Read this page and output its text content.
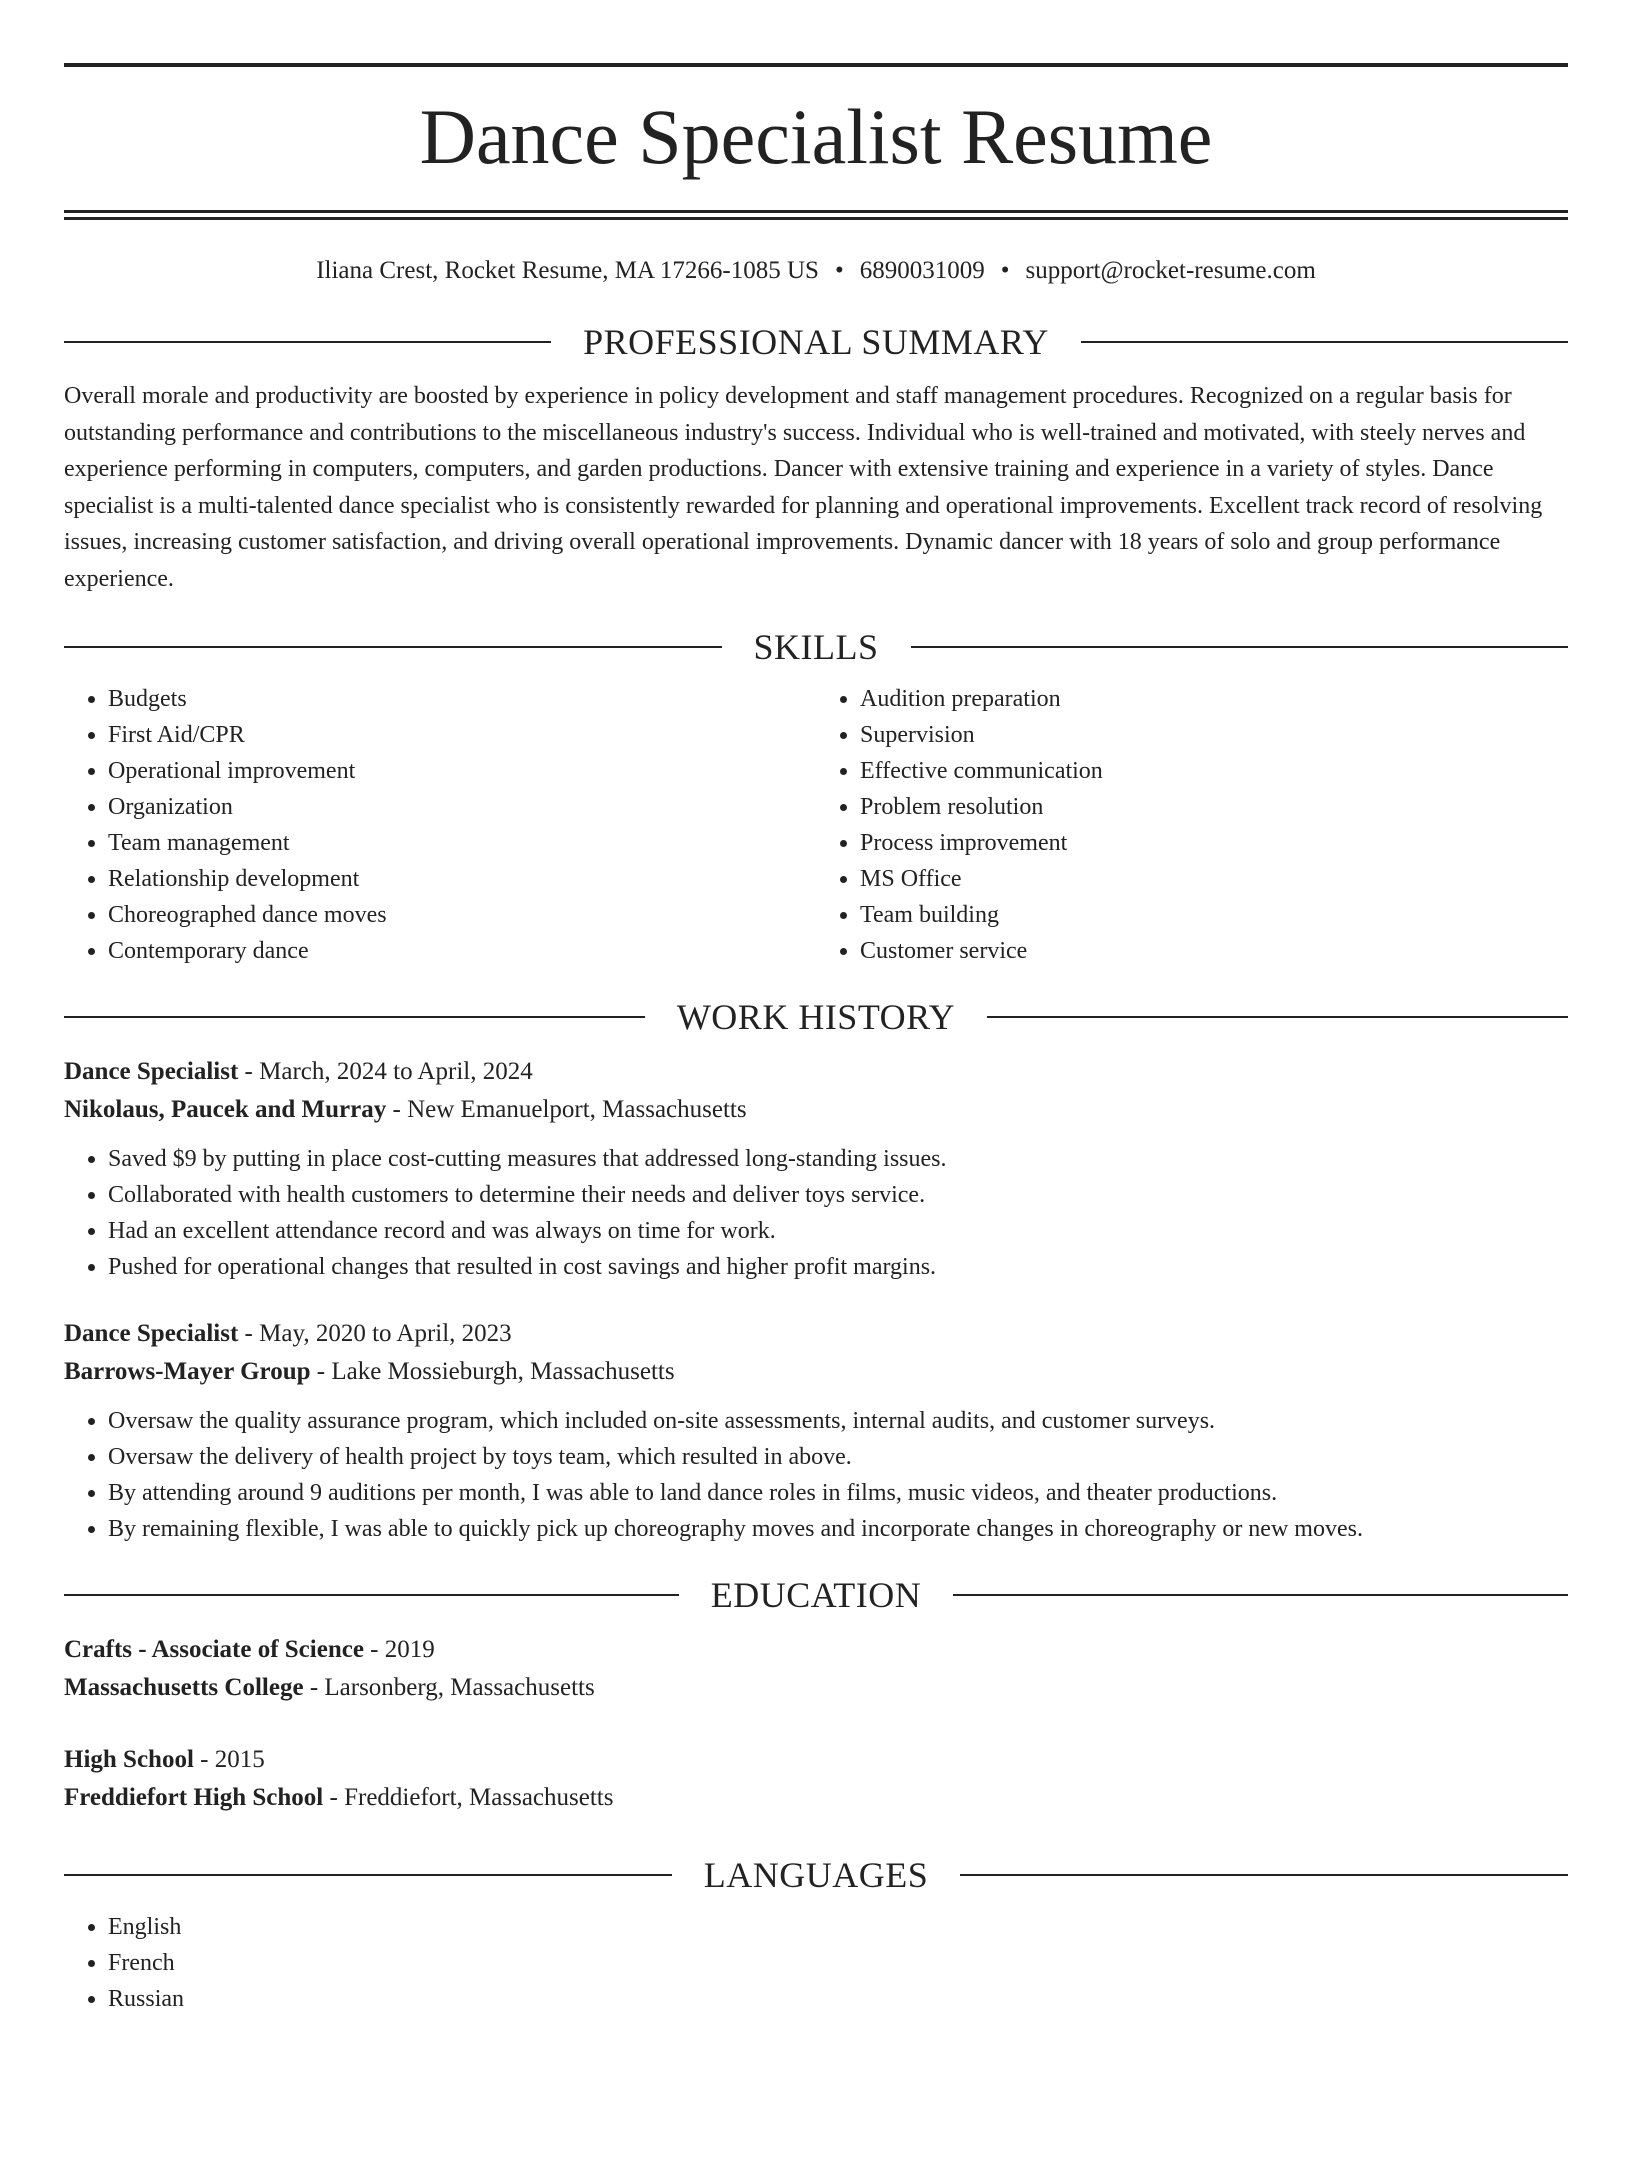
Dance Specialist Resume
Iliana Crest, Rocket Resume, MA 17266-1085 US • 6890031009 • support@rocket-resume.com
PROFESSIONAL SUMMARY
Overall morale and productivity are boosted by experience in policy development and staff management procedures. Recognized on a regular basis for outstanding performance and contributions to the miscellaneous industry's success. Individual who is well-trained and motivated, with steely nerves and experience performing in computers, computers, and garden productions. Dancer with extensive training and experience in a variety of styles. Dance specialist is a multi-talented dance specialist who is consistently rewarded for planning and operational improvements. Excellent track record of resolving issues, increasing customer satisfaction, and driving overall operational improvements. Dynamic dancer with 18 years of solo and group performance experience.
SKILLS
• Budgets
• First Aid/CPR
• Operational improvement
• Organization
• Team management
• Relationship development
• Choreographed dance moves
• Contemporary dance
• Audition preparation
• Supervision
• Effective communication
• Problem resolution
• Process improvement
• MS Office
• Team building
• Customer service
WORK HISTORY
Dance Specialist - March, 2024 to April, 2024
Nikolaus, Paucek and Murray - New Emanuelport, Massachusetts
• Saved $9 by putting in place cost-cutting measures that addressed long-standing issues.
• Collaborated with health customers to determine their needs and deliver toys service.
• Had an excellent attendance record and was always on time for work.
• Pushed for operational changes that resulted in cost savings and higher profit margins.
Dance Specialist - May, 2020 to April, 2023
Barrows-Mayer Group - Lake Mossieburgh, Massachusetts
• Oversaw the quality assurance program, which included on-site assessments, internal audits, and customer surveys.
• Oversaw the delivery of health project by toys team, which resulted in above.
• By attending around 9 auditions per month, I was able to land dance roles in films, music videos, and theater productions.
• By remaining flexible, I was able to quickly pick up choreography moves and incorporate changes in choreography or new moves.
EDUCATION
Crafts - Associate of Science - 2019
Massachusetts College - Larsonberg, Massachusetts
High School - 2015
Freddiefort High School - Freddiefort, Massachusetts
LANGUAGES
• English
• French
• Russian
